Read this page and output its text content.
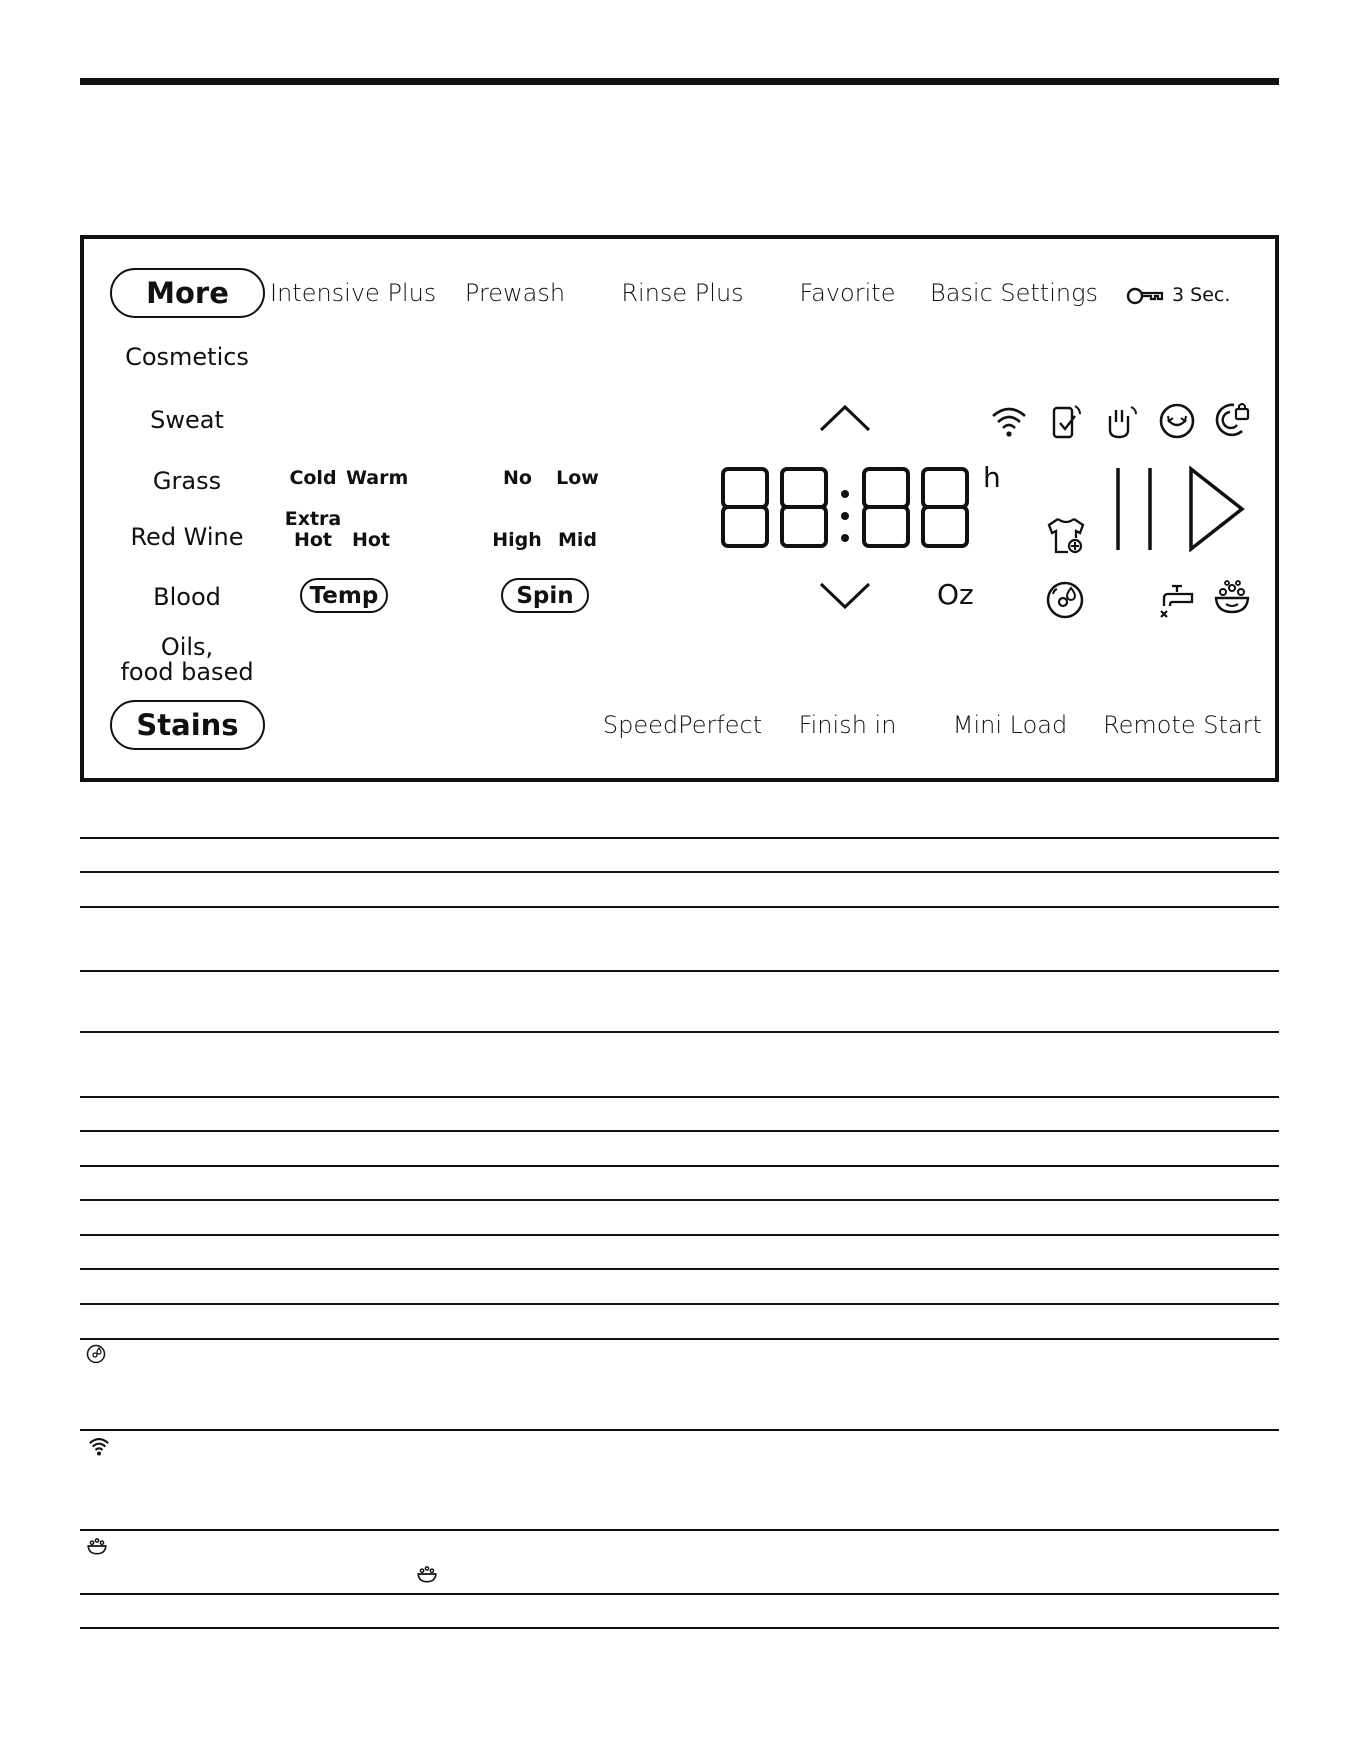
More
Stains
Intensive Plus	Prewash	Rinse Plus	Favorite	Basic Settings	3 Sec.
Cosmetics
Sweat
Grass
Red Wine
Blood
Oils,
food based
Cold Warm
Extra
Hot	Hot
Temp
No Low
High Mid
Spin
h
Oz
SpeedPerfect	Finish in	Mini Load	Remote Start
